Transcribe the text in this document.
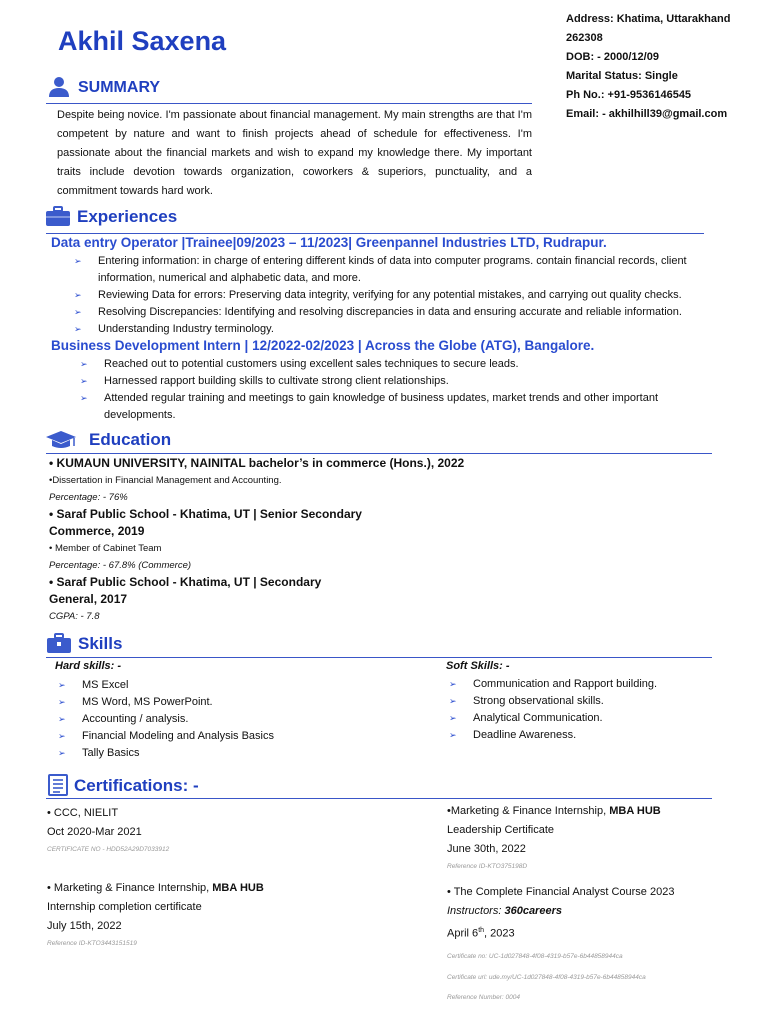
Akhil Saxena
Address: Khatima, Uttarakhand
262308
DOB: - 2000/12/09
Marital Status: Single
Ph No.: +91-9536146545
Email: - akhilhill39@gmail.com
SUMMARY
Despite being novice. I'm passionate about financial management. My main strengths are that I'm competent by nature and want to finish projects ahead of schedule for effectiveness. I'm passionate about the financial markets and wish to expand my knowledge there. My important traits include devotion towards organization, coworkers & superiors, punctuality, and a commitment towards hard work.
Experiences
Data entry Operator |Trainee|09/2023 – 11/2023| Greenpannel Industries LTD, Rudrapur.
➢ Entering information: in charge of entering different kinds of data into computer programs. contain financial records, client information, numerical and alphabetic data, and more.
➢ Reviewing Data for errors: Preserving data integrity, verifying for any potential mistakes, and carrying out quality checks.
➢ Resolving Discrepancies: Identifying and resolving discrepancies in data and ensuring accurate and reliable information.
➢ Understanding Industry terminology.
Business Development Intern | 12/2022-02/2023 | Across the Globe (ATG), Bangalore.
➢ Reached out to potential customers using excellent sales techniques to secure leads.
➢ Harnessed rapport building skills to cultivate strong client relationships.
➢ Attended regular training and meetings to gain knowledge of business updates, market trends and other important developments.
Education
• KUMAUN UNIVERSITY, NAINITAL bachelor’s in commerce (Hons.), 2022
•Dissertation in Financial Management and Accounting.
Percentage: - 76%
• Saraf Public School - Khatima, UT | Senior Secondary Commerce, 2019
• Member of Cabinet Team
Percentage: - 67.8% (Commerce)
• Saraf Public School - Khatima, UT | Secondary General, 2017
CGPA: - 7.8
Skills
Hard skills: -
➢ MS Excel
➢ MS Word, MS PowerPoint.
➢ Accounting / analysis.
➢ Financial Modeling and Analysis Basics
➢ Tally Basics
Soft Skills: -
➢ Communication and Rapport building.
➢ Strong observational skills.
➢ Analytical Communication.
➢ Deadline Awareness.
Certifications: -
• CCC, NIELIT
Oct 2020-Mar 2021
CERTIFICATE NO - HDD52A29D7033912
• Marketing & Finance Internship, MBA HUB
Internship completion certificate
July 15th, 2022
Reference ID-KTO3443151519
•Marketing & Finance Internship, MBA HUB
Leadership Certificate
June 30th, 2022
Reference ID-KTO375198D
• The Complete Financial Analyst Course 2023
Instructors: 360careers
April 6th, 2023
Certificate no: UC-1d027848-4f08-4319-b57e-6b44858944ca
Certificate url: ude.my/UC-1d027848-4f08-4319-b57e-6b44858944ca
Reference Number: 0004
